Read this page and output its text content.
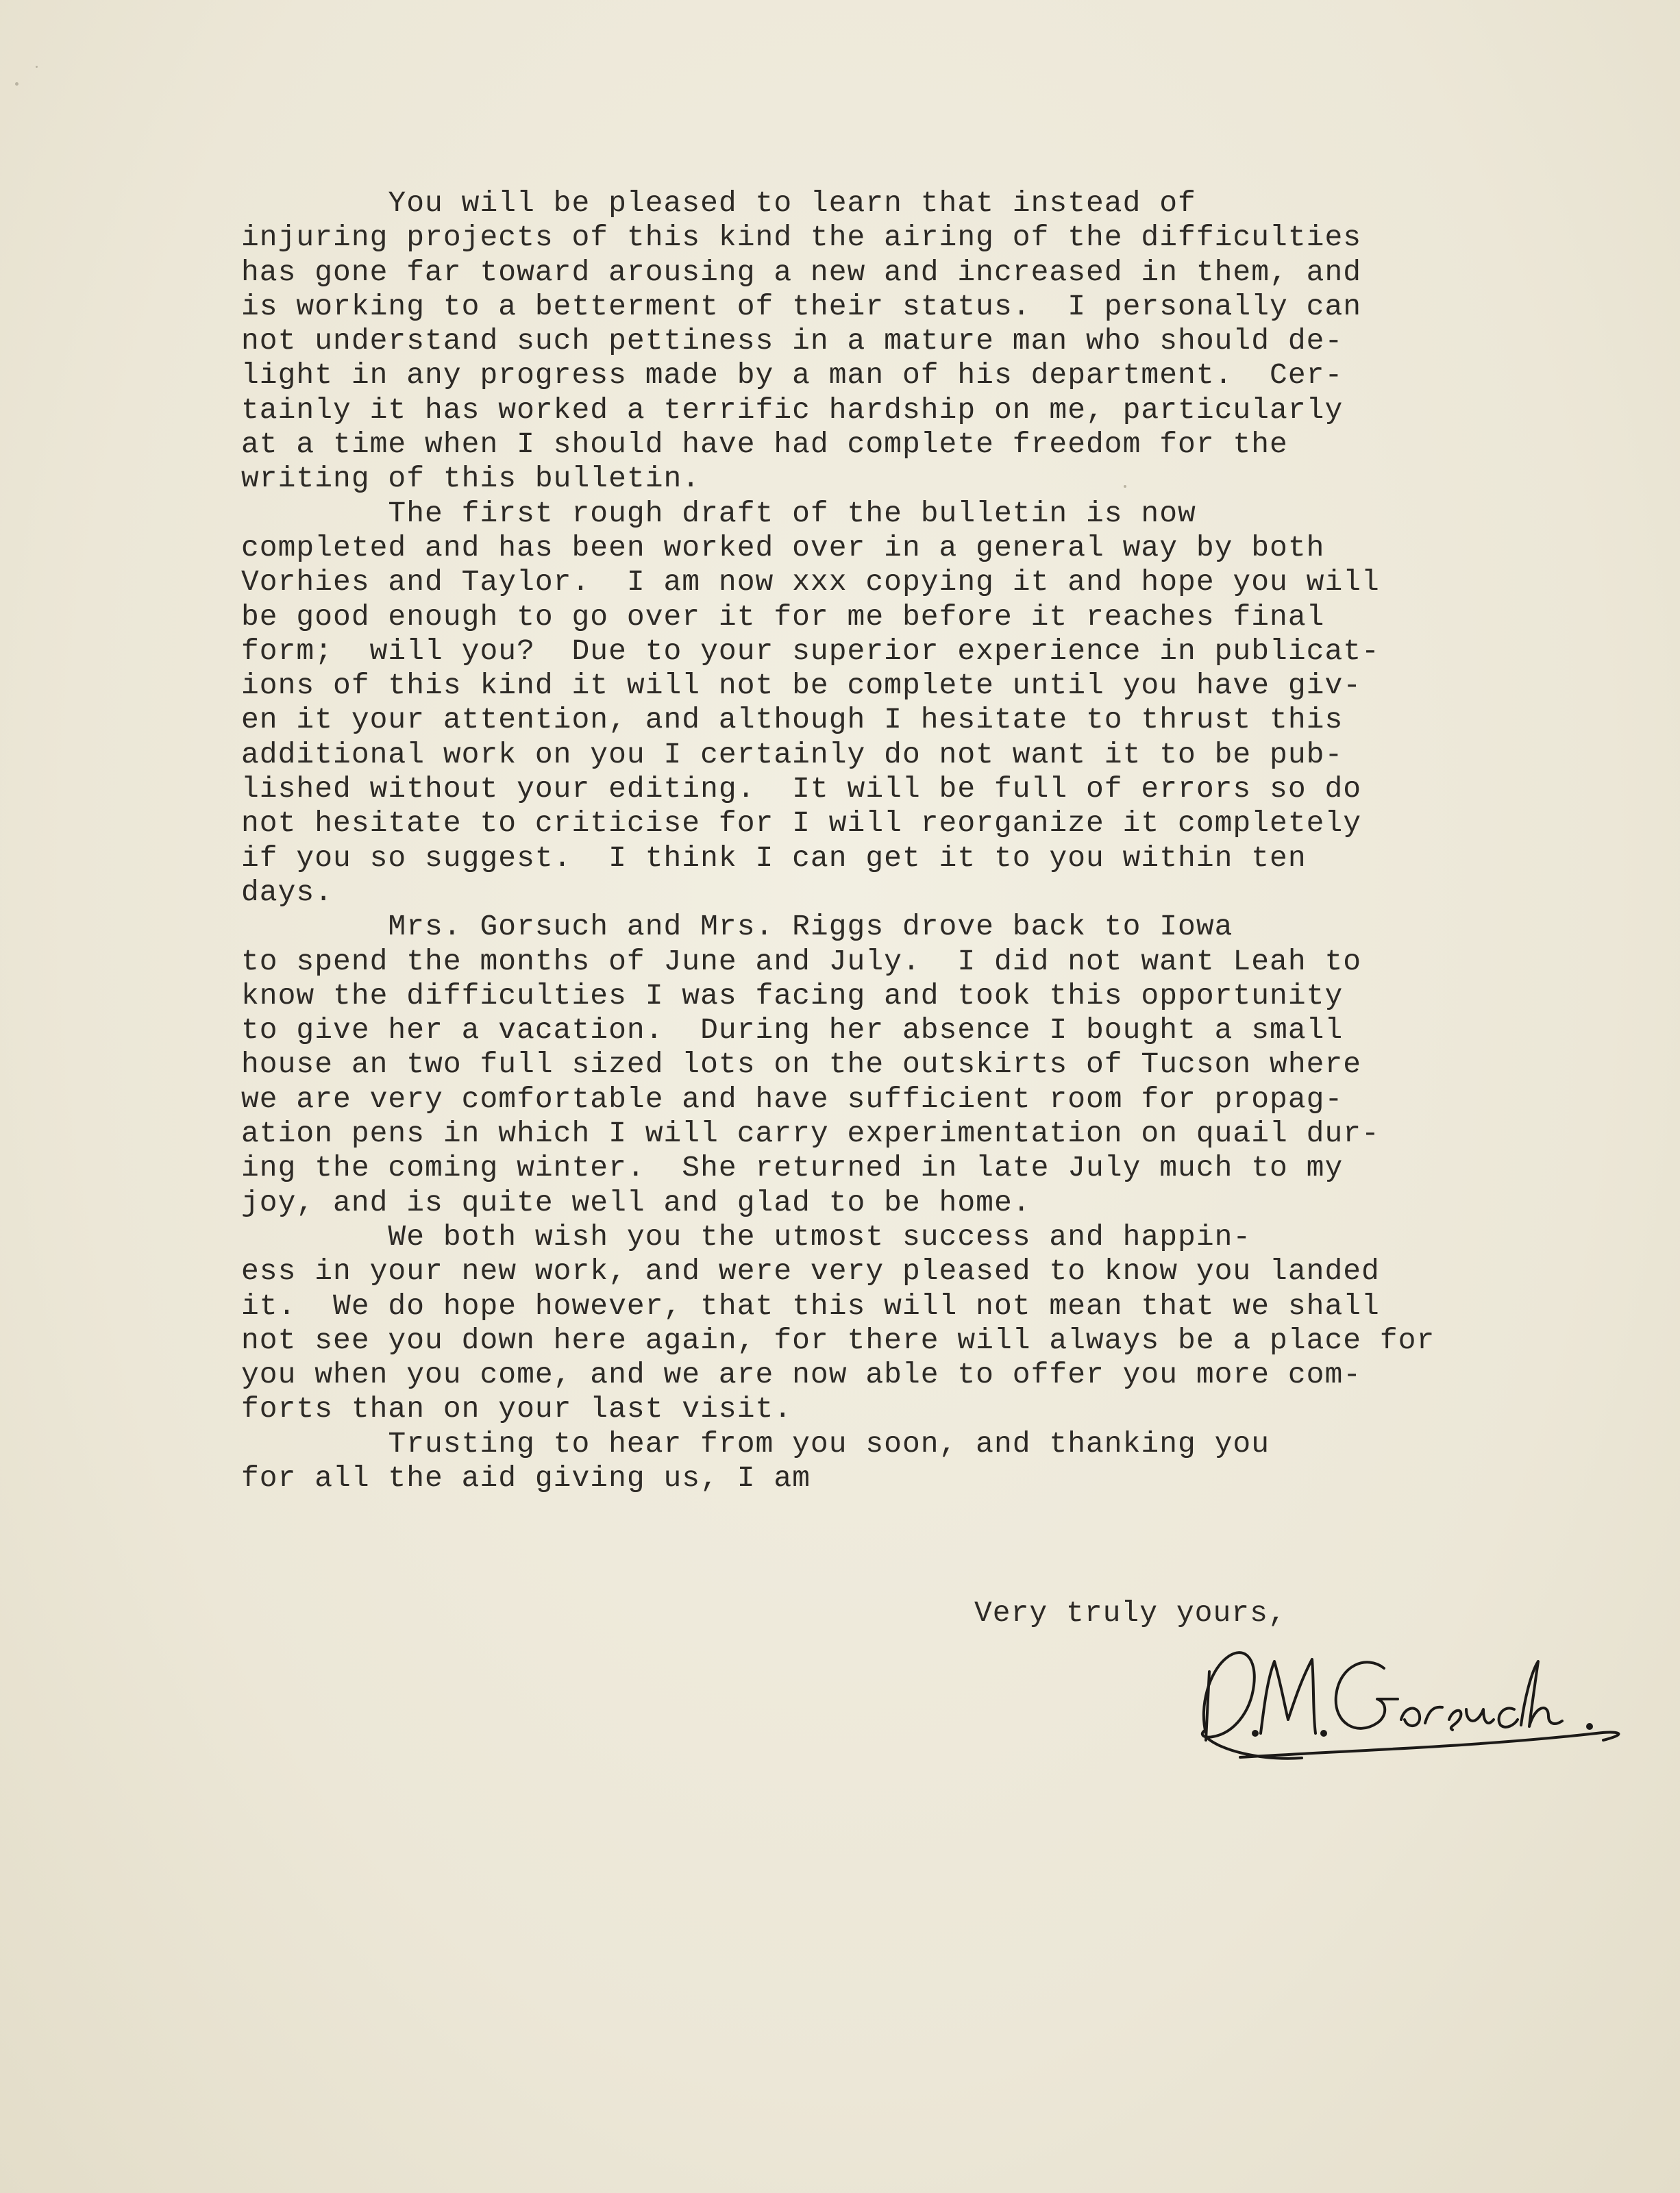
You will be pleased to learn that instead of
injuring projects of this kind the airing of the difficulties
has gone far toward arousing a new and increased in them, and
is working to a betterment of their status.  I personally can
not understand such pettiness in a mature man who should de-
light in any progress made by a man of his department.  Cer-
tainly it has worked a terrific hardship on me, particularly
at a time when I should have had complete freedom for the
writing of this bulletin.
The first rough draft of the bulletin is now
completed and has been worked over in a general way by both
Vorhies and Taylor.  I am now xxx copying it and hope you will
be good enough to go over it for me before it reaches final
form;  will you?  Due to your superior experience in publicat-
ions of this kind it will not be complete until you have giv-
en it your attention, and although I hesitate to thrust this
additional work on you I certainly do not want it to be pub-
lished without your editing.  It will be full of errors so do
not hesitate to criticise for I will reorganize it completely
if you so suggest.  I think I can get it to you within ten
days.
Mrs. Gorsuch and Mrs. Riggs drove back to Iowa
to spend the months of June and July.  I did not want Leah to
know the difficulties I was facing and took this opportunity
to give her a vacation.  During her absence I bought a small
house an two full sized lots on the outskirts of Tucson where
we are very comfortable and have sufficient room for propag-
ation pens in which I will carry experimentation on quail dur-
ing the coming winter.  She returned in late July much to my
joy, and is quite well and glad to be home.
We both wish you the utmost success and happin-
ess in your new work, and were very pleased to know you landed
it.  We do hope however, that this will not mean that we shall
not see you down here again, for there will always be a place for
you when you come, and we are now able to offer you more com-
forts than on your last visit.
Trusting to hear from you soon, and thanking you
for all the aid giving us, I am
Very truly yours,
